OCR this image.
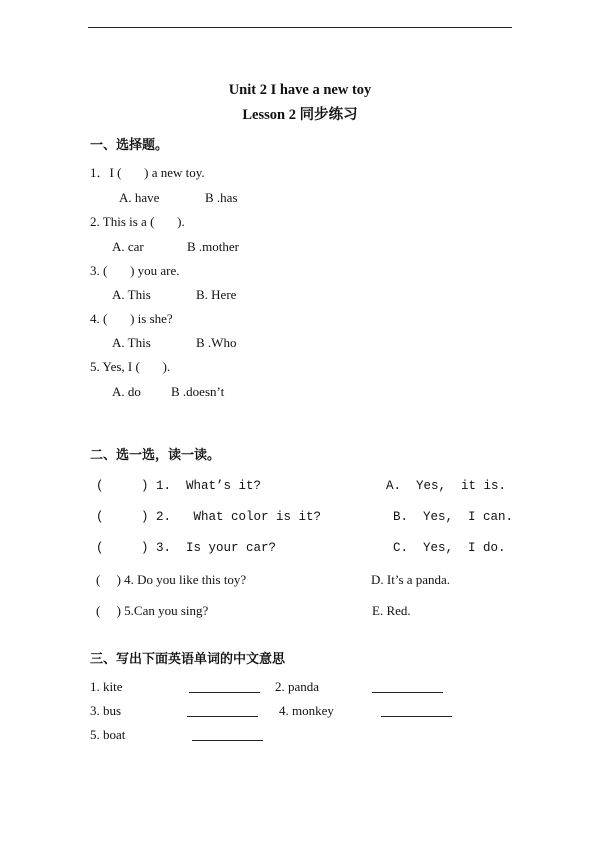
Unit 2 I have a new toy
Lesson 2 同步练习
一、选择题。
1．I (       ) a new toy.
A. have	B .has
2. This is a (       ).
A. car	B .mother
3. (       ) you are.
A. This	B. Here
4. (       ) is she?
A. This	B .Who
5. Yes, I (       ).
A. do B .doesn’t
二、选一选，读一读。
(     ) 1.  What’s it?	A.  Yes,  it is.
(     ) 2.   What color is it?	B.  Yes,  I can.
(     ) 3.  Is your car?	C.  Yes,  I do.
(     ) 4. Do you like this toy?	D. It’s a panda.
(     ) 5.Can you sing?	E. Red.
三、写出下面英语单词的中文意思
1. kite	2. panda
3. bus	4. monkey
5. boat
